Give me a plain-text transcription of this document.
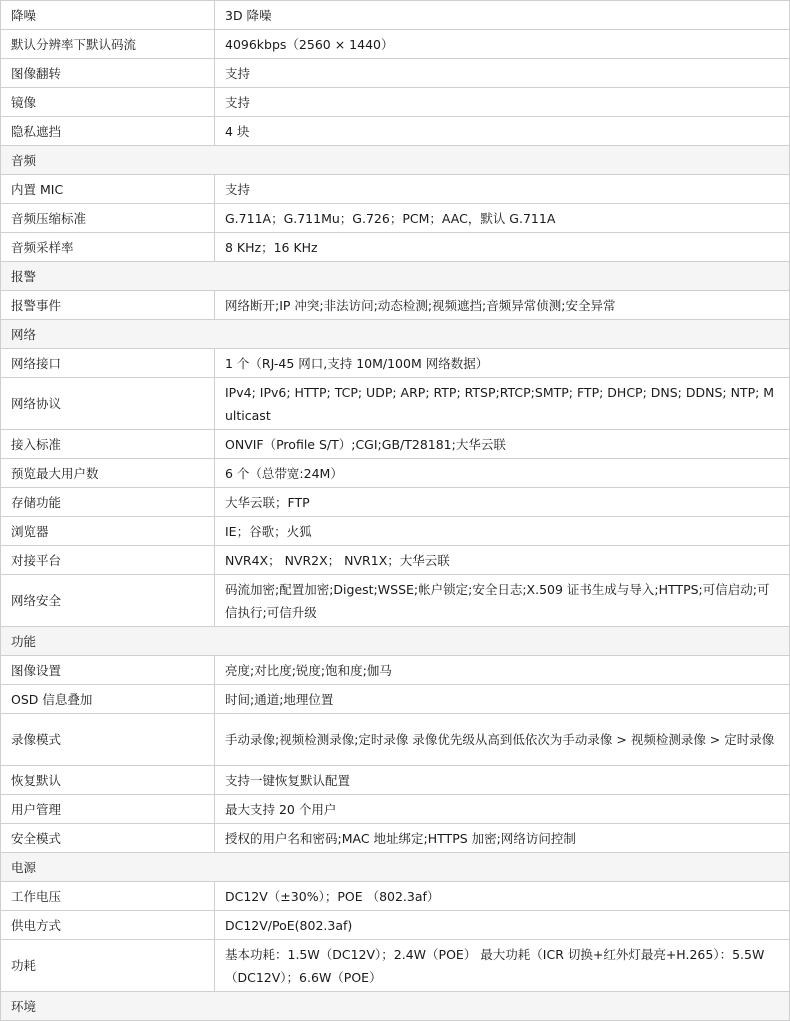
降噪	3D 降噪
默认分辨率下默认码流	4096kbps（2560 × 1440）
图像翻转	支持
镜像	支持
隐私遮挡	4 块
音频	
内置 MIC	支持
音频压缩标准	G.711A；G.711Mu；G.726；PCM；AAC，默认 G.711A
音频采样率	8 KHz；16 KHz
报警	
报警事件	网络断开;IP 冲突;非法访问;动态检测;视频遮挡;音频异常侦测;安全异常
网络	
网络接口	1 个（RJ-45 网口,支持 10M/100M 网络数据）
网络协议	IPv4; IPv6; HTTP; TCP; UDP; ARP; RTP; RTSP;RTCP;SMTP; FTP; DHCP; DNS; DDNS; NTP; Multicast
接入标准	ONVIF（Profile S/T）;CGI;GB/T28181;大华云联
预览最大用户数	6 个（总带宽:24M）
存储功能	大华云联；FTP
浏览器	IE；谷歌；火狐
对接平台	NVR4X； NVR2X； NVR1X；大华云联
网络安全	码流加密;配置加密;Digest;WSSE;帐户锁定;安全日志;X.509 证书生成与导入;HTTPS;可信启动;可信执行;可信升级
功能	
图像设置	亮度;对比度;锐度;饱和度;伽马
OSD 信息叠加	时间;通道;地理位置
录像模式	手动录像;视频检测录像;定时录像 录像优先级从高到低依次为手动录像 > 视频检测录像 > 定时录像
恢复默认	支持一键恢复默认配置
用户管理	最大支持 20 个用户
安全模式	授权的用户名和密码;MAC 地址绑定;HTTPS 加密;网络访问控制
电源	
工作电压	DC12V（±30%）；POE （802.3af）
供电方式	DC12V/PoE(802.3af)
功耗	基本功耗：1.5W（DC12V）；2.4W（POE） 最大功耗（ICR 切换+红外灯最亮+H.265）：5.5W（DC12V）；6.6W（POE）
环境	
